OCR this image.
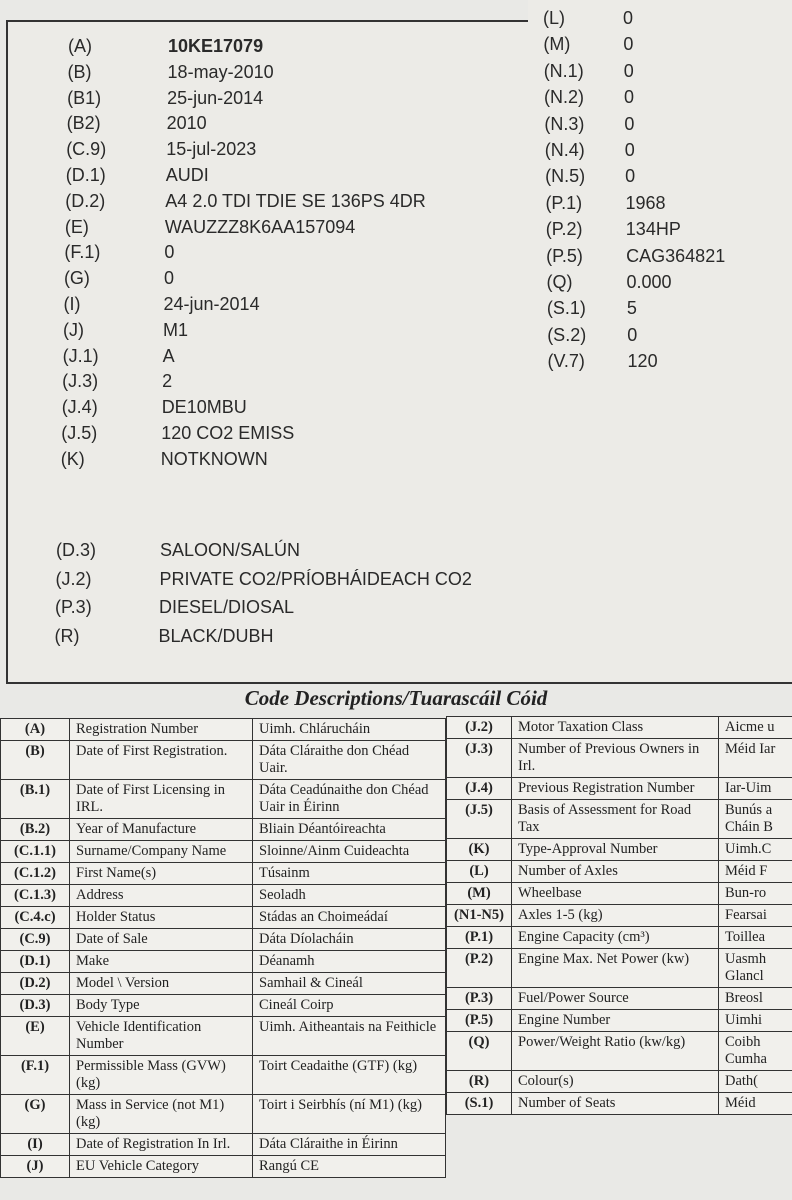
(A)	10KE17079
(B)	18-may-2010
(B1)	25-jun-2014
(B2)	2010
(C.9)	15-jul-2023
(D.1)	AUDI
(D.2)	A4 2.0 TDI TDIE SE 136PS 4DR
(E)	WAUZZZ8K6AA157094
(F.1)	0
(G)	0
(I)	24-jun-2014
(J)	M1
(J.1)	A
(J.3)	2
(J.4)	DE10MBU
(J.5)	120 CO2 EMISS
(K)	NOTKNOWN
(L)	0
(M)	0
(N.1) 0
(N.2) 0
(N.3) 0
(N.4) 0
(N.5) 0
(P.1) 1968
(P.2) 134HP
(P.5) CAG364821
(Q)	0.000
(S.1) 5
(S.2) 0
(V.7) 120
(D.3)	SALOON/SALÚN
(J.2)	PRIVATE CO2/PRÍOBHÁIDEACH CO2
(P.3)	DIESEL/DIOSAL
(R)	BLACK/DUBH
Code Descriptions/Tuarascáil Cóid
(A)	Registration Number	Uimh. Chlárucháin
(B)	Date of First Registration.	Dáta Cláraithe don Chéad Uair.
(B.1)	Date of First Licensing in IRL.	Dáta Ceadúnaithe don Chéad Uair in Éirinn
(B.2)	Year of Manufacture	Bliain Déantóireachta
(C.1.1)	Surname/Company Name	Sloinne/Ainm Cuideachta
(C.1.2)	First Name(s)	Túsainm
(C.1.3)	Address	Seoladh
(C.4.c)	Holder Status	Stádas an Choimeádaí
(C.9)	Date of Sale	Dáta Díolacháin
(D.1)	Make	Déanamh
(D.2)	Model \ Version	Samhail & Cineál
(D.3)	Body Type	Cineál Coirp
(E)	Vehicle Identification Number	Uimh. Aitheantais na Feithicle
(F.1)	Permissible Mass (GVW) (kg)	Toirt Ceadaithe (GTF) (kg)
(G)	Mass in Service (not M1) (kg)	Toirt i Seirbhís (ní M1) (kg)
(I)	Date of Registration In Irl.	Dáta Cláraithe in Éirinn
(J)	EU Vehicle Category	Rangú CE
(J.2)	Motor Taxation Class	Aicme u
(J.3)	Number of Previous Owners in Irl.	Méid Iar
(J.4)	Previous Registration Number	Iar-Uim
(J.5)	Basis of Assessment for Road Tax	Bunús a Cháin B
(K)	Type-Approval Number	Uimh.C
(L)	Number of Axles	Méid F
(M)	Wheelbase	Bun-ro
(N1-N5)	Axles 1-5 (kg)	Fearsai
(P.1)	Engine Capacity (cm³)	Toillea
(P.2)	Engine Max. Net Power (kw)	Uasmh Glancl
(P.3)	Fuel/Power Source	Breosl
(P.5)	Engine Number	Uimhi
(Q)	Power/Weight Ratio (kw/kg)	Coibh Cumha
(R)	Colour(s)	Dath(
(S.1)	Number of Seats	Méid
